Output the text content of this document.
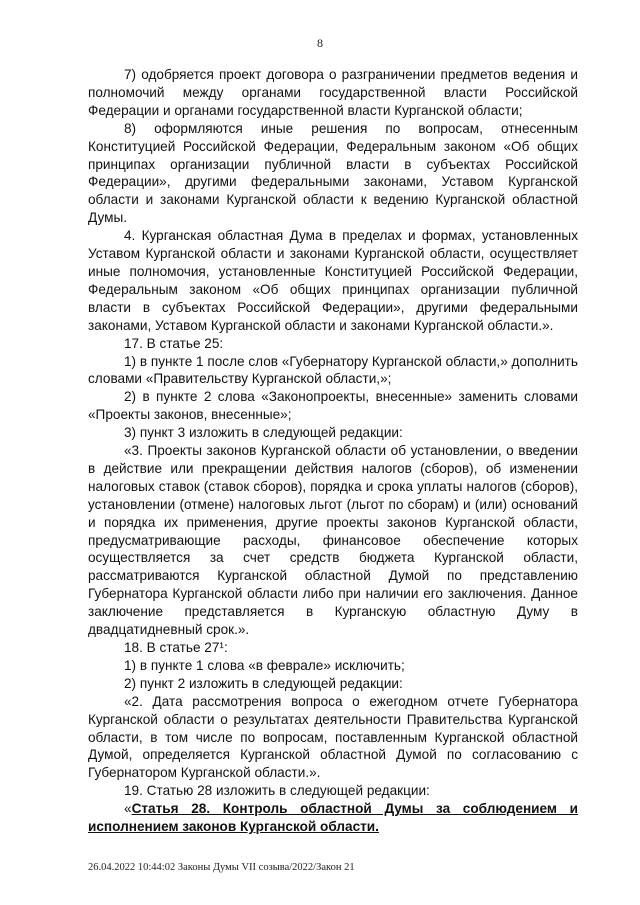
8

7) одобряется проект договора о разграничении предметов ведения и полномочий между органами государственной власти Российской Федерации и органами государственной власти Курганской области;

8) оформляются иные решения по вопросам, отнесенным Конституцией Российской Федерации, Федеральным законом «Об общих принципах организации публичной власти в субъектах Российской Федерации», другими федеральными законами, Уставом Курганской области и законами Курганской области к ведению Курганской областной Думы.

4. Курганская областная Дума в пределах и формах, установленных Уставом Курганской области и законами Курганской области, осуществляет иные полномочия, установленные Конституцией Российской Федерации, Федеральным законом «Об общих принципах организации публичной власти в субъектах Российской Федерации», другими федеральными законами, Уставом Курганской области и законами Курганской области.».

17. В статье 25:

1) в пункте 1 после слов «Губернатору Курганской области,» дополнить словами «Правительству Курганской области,»;

2) в пункте 2 слова «Законопроекты, внесенные» заменить словами «Проекты законов, внесенные»;

3) пункт 3 изложить в следующей редакции:

«3. Проекты законов Курганской области об установлении, о введении в действие или прекращении действия налогов (сборов), об изменении налоговых ставок (ставок сборов), порядка и срока уплаты налогов (сборов), установлении (отмене) налоговых льгот (льгот по сборам) и (или) оснований и порядка их применения, другие проекты законов Курганской области, предусматривающие расходы, финансовое обеспечение которых осуществляется за счет средств бюджета Курганской области, рассматриваются Курганской областной Думой по представлению Губернатора Курганской области либо при наличии его заключения. Данное заключение представляется в Курганскую областную Думу в двадцатидневный срок.».

18. В статье 27¹:

1) в пункте 1 слова «в феврале» исключить;

2) пункт 2 изложить в следующей редакции:

«2. Дата рассмотрения вопроса о ежегодном отчете Губернатора Курганской области о результатах деятельности Правительства Курганской области, в том числе по вопросам, поставленным Курганской областной Думой, определяется Курганской областной Думой по согласованию с Губернатором Курганской области.».

19. Статью 28 изложить в следующей редакции:

«Статья 28. Контроль областной Думы за соблюдением и исполнением законов Курганской области.

26.04.2022 10:44:02 Законы Думы VII созыва/2022/Закон 21
